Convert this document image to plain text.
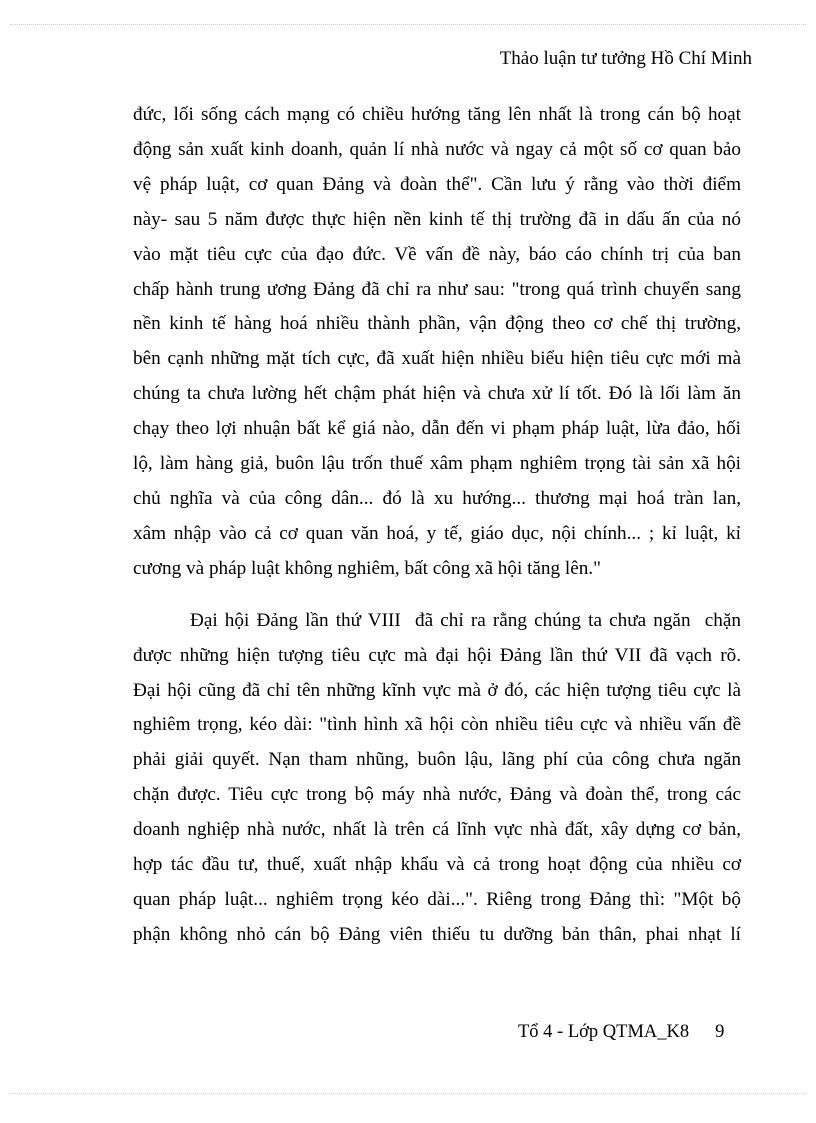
Thảo luận tư tưởng Hồ Chí Minh

đức, lối sống cách mạng có chiều hướng tăng lên nhất là trong cán bộ hoạt
động sản xuất kinh doanh, quản lí nhà nước và ngay cả một số cơ quan bảo
vệ pháp luật, cơ quan Đảng và đoàn thể". Cần lưu ý rằng vào thời điểm
này- sau 5 năm được thực hiện nền kinh tế thị trường đã in dấu ấn của nó
vào mặt tiêu cực của đạo đức. Về vấn đề này, báo cáo chính trị của ban
chấp hành trung ương Đảng đã chỉ ra như sau: "trong quá trình chuyển sang
nền kinh tế hàng hoá nhiều thành phần, vận động theo cơ chế thị trường,
bên cạnh những mặt tích cực, đã xuất hiện nhiều biểu hiện tiêu cực mới mà
chúng ta chưa lường hết chậm phát hiện và chưa xử lí tốt. Đó là lối làm ăn
chạy theo lợi nhuận bất kể giá nào, dẫn đến vi phạm pháp luật, lừa đảo, hối
lộ, làm hàng giả, buôn lậu trốn thuế xâm phạm nghiêm trọng tài sản xã hội
chủ nghĩa và của công dân... đó là xu hướng... thương mại hoá tràn lan,
xâm nhập vào cả cơ quan văn hoá, y tế, giáo dục, nội chính... ; kỉ luật, kỉ
cương và pháp luật không nghiêm, bất công xã hội tăng lên."

Đại hội Đảng lần thứ VIII  đã chỉ ra rằng chúng ta chưa ngăn  chặn
được những hiện tượng tiêu cực mà đại hội Đảng lần thứ VII đã vạch rõ.
Đại hội cũng đã chỉ tên những kĩnh vực mà ở đó, các hiện tượng tiêu cực là
nghiêm trọng, kéo dài: "tình hình xã hội còn nhiều tiêu cực và nhiều vấn đề
phải giải quyết. Nạn tham nhũng, buôn lậu, lãng phí của công chưa ngăn
chặn được. Tiêu cực trong bộ máy nhà nước, Đảng và đoàn thể, trong các
doanh nghiệp nhà nước, nhất là trên cá lĩnh vực nhà đất, xây dựng cơ bản,
hợp tác đầu tư, thuế, xuất nhập khẩu và cả trong hoạt động của nhiều cơ
quan pháp luật... nghiêm trọng kéo dài...". Riêng trong Đảng thì: "Một bộ
phận không nhỏ cán bộ Đảng viên thiếu tu dưỡng bản thân, phai nhạt lí

Tổ 4 - Lớp QTMA_K8 9
